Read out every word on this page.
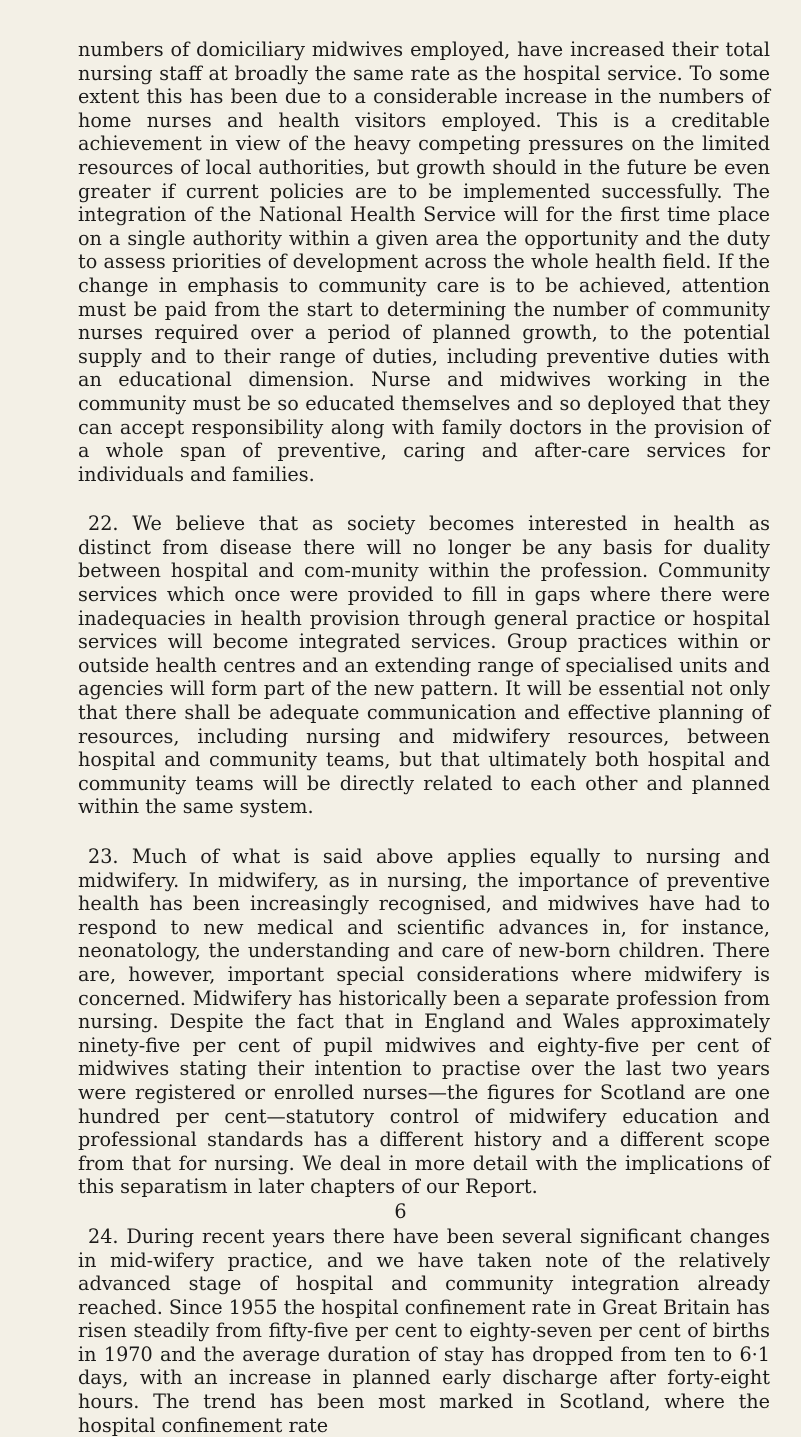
numbers of domiciliary midwives employed, have increased their total nursing staff at broadly the same rate as the hospital service. To some extent this has been due to a considerable increase in the numbers of home nurses and health visitors employed. This is a creditable achievement in view of the heavy competing pressures on the limited resources of local authorities, but growth should in the future be even greater if current policies are to be implemented successfully. The integration of the National Health Service will for the first time place on a single authority within a given area the opportunity and the duty to assess priorities of development across the whole health field. If the change in emphasis to community care is to be achieved, attention must be paid from the start to determining the number of community nurses required over a period of planned growth, to the potential supply and to their range of duties, including preventive duties with an educational dimension. Nurse and midwives working in the community must be so educated themselves and so deployed that they can accept responsibility along with family doctors in the provision of a whole span of preventive, caring and after-care services for individuals and families.

22. We believe that as society becomes interested in health as distinct from disease there will no longer be any basis for duality between hospital and com-munity within the profession. Community services which once were provided to fill in gaps where there were inadequacies in health provision through general practice or hospital services will become integrated services. Group practices within or outside health centres and an extending range of specialised units and agencies will form part of the new pattern. It will be essential not only that there shall be adequate communication and effective planning of resources, including nursing and midwifery resources, between hospital and community teams, but that ultimately both hospital and community teams will be directly related to each other and planned within the same system.

23. Much of what is said above applies equally to nursing and midwifery. In midwifery, as in nursing, the importance of preventive health has been increasingly recognised, and midwives have had to respond to new medical and scientific advances in, for instance, neonatology, the understanding and care of new-born children. There are, however, important special considerations where midwifery is concerned. Midwifery has historically been a separate profession from nursing. Despite the fact that in England and Wales approximately ninety-five per cent of pupil midwives and eighty-five per cent of midwives stating their intention to practise over the last two years were registered or enrolled nurses—the figures for Scotland are one hundred per cent—statutory control of midwifery education and professional standards has a different history and a different scope from that for nursing. We deal in more detail with the implications of this separatism in later chapters of our Report.

24. During recent years there have been several significant changes in mid-wifery practice, and we have taken note of the relatively advanced stage of hospital and community integration already reached. Since 1955 the hospital confinement rate in Great Britain has risen steadily from fifty-five per cent to eighty-seven per cent of births in 1970 and the average duration of stay has dropped from ten to 6·1 days, with an increase in planned early discharge after forty-eight hours. The trend has been most marked in Scotland, where the hospital confinement rate

6
